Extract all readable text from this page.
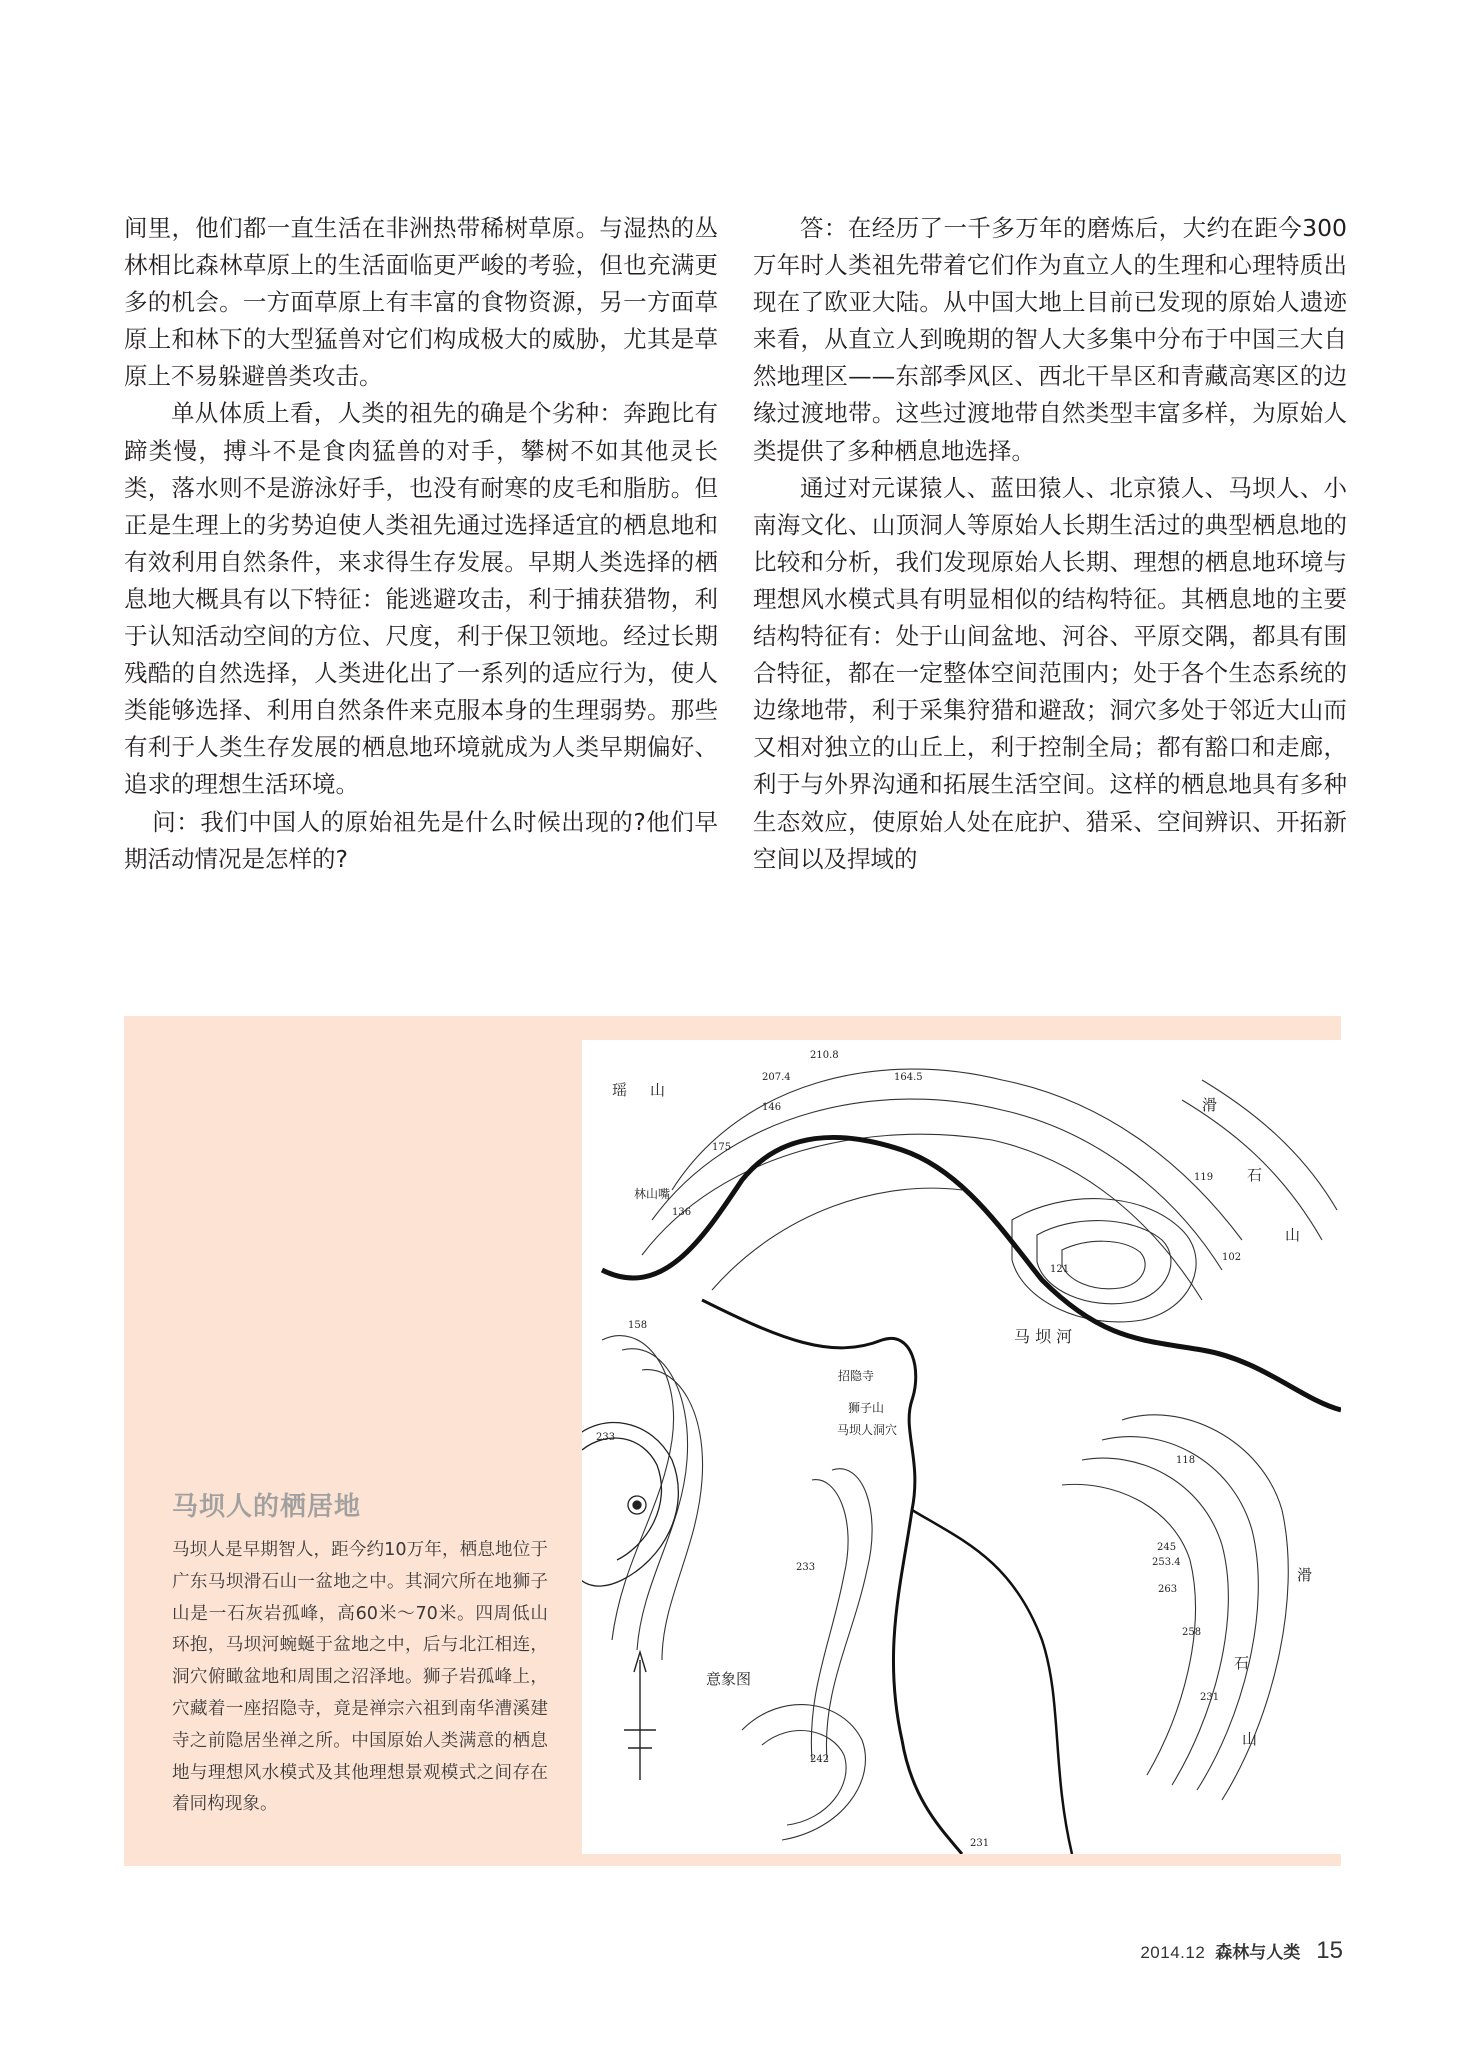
间里，他们都一直生活在非洲热带稀树草原。与湿热的丛林相比森林草原上的生活面临更严峻的考验，但也充满更多的机会。一方面草原上有丰富的食物资源，另一方面草原上和林下的大型猛兽对它们构成极大的威胁，尤其是草原上不易躲避兽类攻击。

单从体质上看，人类的祖先的确是个劣种：奔跑比有蹄类慢，搏斗不是食肉猛兽的对手，攀树不如其他灵长类，落水则不是游泳好手，也没有耐寒的皮毛和脂肪。但正是生理上的劣势迫使人类祖先通过选择适宜的栖息地和有效利用自然条件，来求得生存发展。早期人类选择的栖息地大概具有以下特征：能逃避攻击，利于捕获猎物，利于认知活动空间的方位、尺度，利于保卫领地。经过长期残酷的自然选择，人类进化出了一系列的适应行为，使人类能够选择、利用自然条件来克服本身的生理弱势。那些有利于人类生存发展的栖息地环境就成为人类早期偏好、追求的理想生活环境。

问：我们中国人的原始祖先是什么时候出现的?他们早期活动情况是怎样的?

答：在经历了一千多万年的磨炼后，大约在距今300万年时人类祖先带着它们作为直立人的生理和心理特质出现在了欧亚大陆。从中国大地上目前已发现的原始人遗迹来看，从直立人到晚期的智人大多集中分布于中国三大自然地理区——东部季风区、西北干旱区和青藏高寒区的边缘过渡地带。这些过渡地带自然类型丰富多样，为原始人类提供了多种栖息地选择。

通过对元谋猿人、蓝田猿人、北京猿人、马坝人、小南海文化、山顶洞人等原始人长期生活过的典型栖息地的比较和分析，我们发现原始人长期、理想的栖息地环境与理想风水模式具有明显相似的结构特征。其栖息地的主要结构特征有：处于山间盆地、河谷、平原交隅，都具有围合特征，都在一定整体空间范围内；处于各个生态系统的边缘地带，利于采集狩猎和避敌；洞穴多处于邻近大山而又相对独立的山丘上，利于控制全局；都有豁口和走廊，利于与外界沟通和拓展生活空间。这样的栖息地具有多种生态效应，使原始人处在庇护、猎采、空间辨识、开拓新空间以及捍域的

马坝人的栖居地

马坝人是早期智人，距今约10万年，栖息地位于广东马坝滑石山一盆地之中。其洞穴所在地狮子山是一石灰岩孤峰，高60米～70米。四周低山环抱，马坝河蜿蜒于盆地之中，后与北江相连，洞穴俯瞰盆地和周围之沼泽地。狮子岩孤峰上，穴藏着一座招隐寺，竟是禅宗六祖到南华漕溪建寺之前隐居坐禅之所。中国原始人类满意的栖息地与理想风水模式及其他理想景观模式之间存在着同构现象。

瑶 山
滑
石
山
滑
石
山
林山嘴
马 坝 河
招隐寺
狮子山
马坝人洞穴
意象图
210.8
207.4	164.5
146
175
136
119
102
121
158
233
118
233
245
253.4
263
258
231
242
231
2014.12 森林与人类 15
